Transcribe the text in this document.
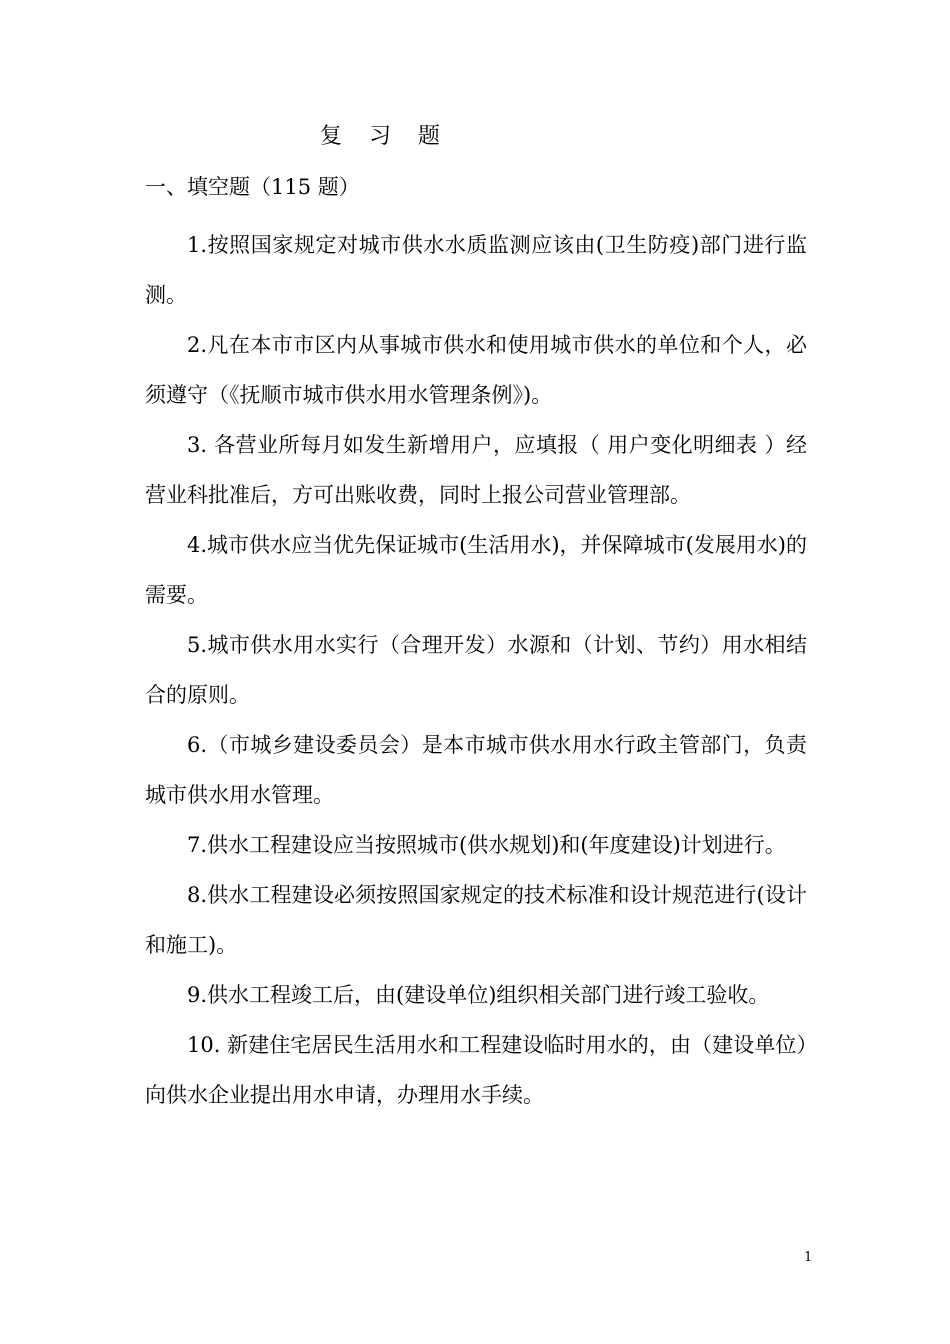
复 习 题
一、填空题（115 题）

1.按照国家规定对城市供水水质监测应该由(卫生防疫)部门进行监测。

2.凡在本市市区内从事城市供水和使用城市供水的单位和个人，必须遵守（《抚顺市城市供水用水管理条例》)。

3. 各营业所每月如发生新增用户，应填报（ 用户变化明细表 ）经营业科批准后，方可出账收费，同时上报公司营业管理部。

4.城市供水应当优先保证城市(生活用水)，并保障城市(发展用水)的需要。

5.城市供水用水实行（合理开发）水源和（计划、节约）用水相结合的原则。

6.（市城乡建设委员会）是本市城市供水用水行政主管部门，负责城市供水用水管理。

7.供水工程建设应当按照城市(供水规划)和(年度建设)计划进行。

8.供水工程建设必须按照国家规定的技术标准和设计规范进行(设计和施工)。

9.供水工程竣工后，由(建设单位)组织相关部门进行竣工验收。

10. 新建住宅居民生活用水和工程建设临时用水的，由（建设单位）向供水企业提出用水申请，办理用水手续。

1
